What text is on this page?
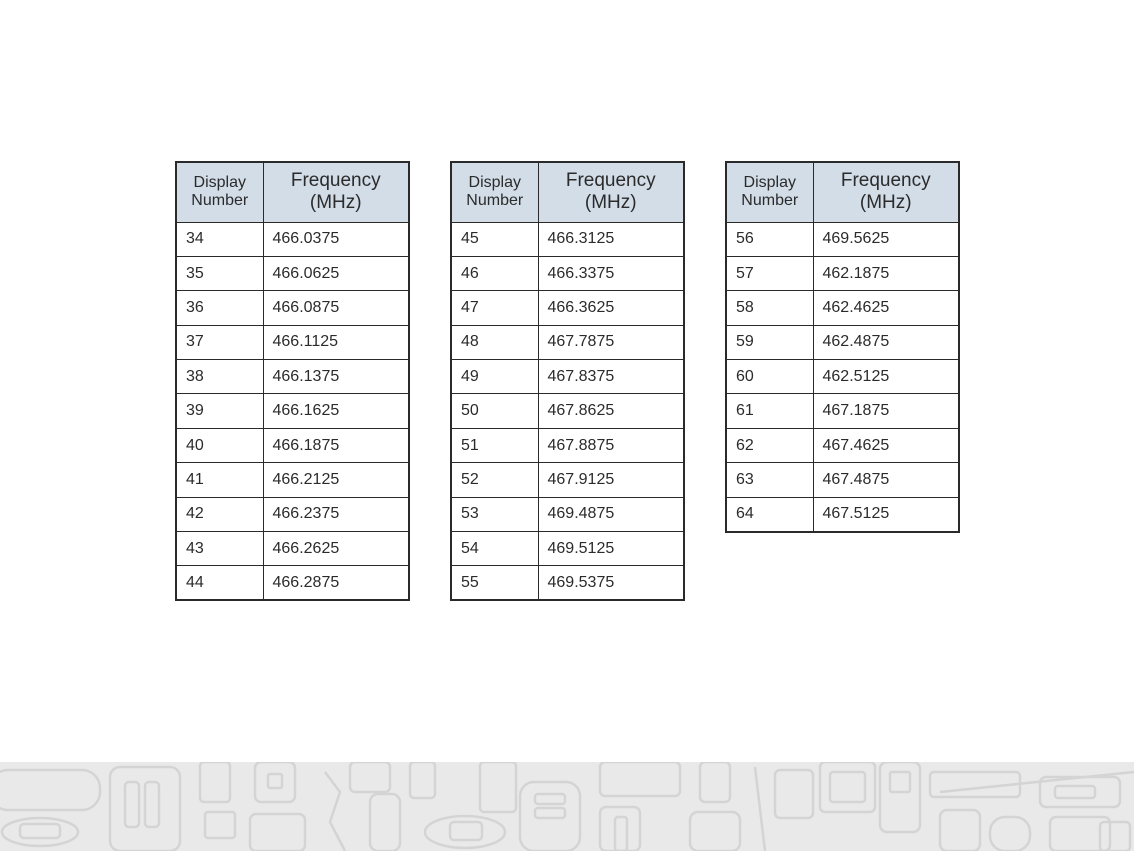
Display
Number	Frequency
(MHz)

34	466.0375
35	466.0625
36	466.0875
37	466.1125
38	466.1375
39	466.1625
40	466.1875
41	466.2125
42	466.2375
43	466.2625
44	466.2875
Display
Number	Frequency
(MHz)

45	466.3125
46	466.3375
47	466.3625
48	467.7875
49	467.8375
50	467.8625
51	467.8875
52	467.9125
53	469.4875
54	469.5125
55	469.5375
Display
Number	Frequency
(MHz)

56	469.5625
57	462.1875
58	462.4625
59	462.4875
60	462.5125
61	467.1875
62	467.4625
63	467.4875
64	467.5125
